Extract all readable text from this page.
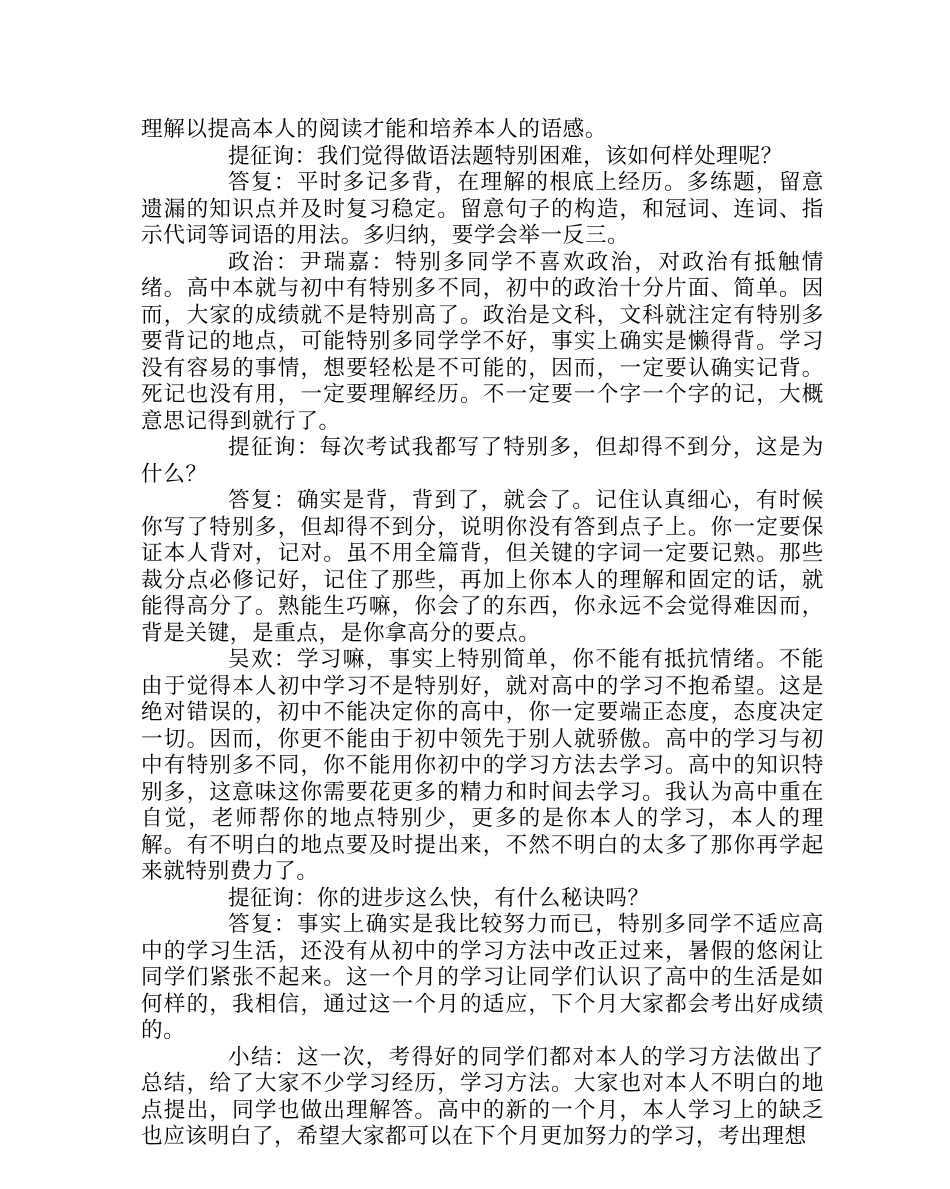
理解以提高本人的阅读才能和培养本人的语感。

提征询：我们觉得做语法题特别困难，该如何样处理呢？

答复：平时多记多背，在理解的根底上经历。多练题，留意遗漏的知识点并及时复习稳定。留意句子的构造，和冠词、连词、指示代词等词语的用法。多归纳，要学会举一反三。

政治：尹瑞嘉：特别多同学不喜欢政治，对政治有抵触情绪。高中本就与初中有特别多不同，初中的政治十分片面、简单。因而，大家的成绩就不是特别高了。政治是文科，文科就注定有特别多要背记的地点，可能特别多同学学不好，事实上确实是懒得背。学习没有容易的事情，想要轻松是不可能的，因而，一定要认确实记背。死记也没有用，一定要理解经历。不一定要一个字一个字的记，大概意思记得到就行了。

提征询：每次考试我都写了特别多，但却得不到分，这是为什么？

答复：确实是背，背到了，就会了。记住认真细心，有时候你写了特别多，但却得不到分，说明你没有答到点子上。你一定要保证本人背对，记对。虽不用全篇背，但关键的字词一定要记熟。那些裁分点必修记好，记住了那些，再加上你本人的理解和固定的话，就能得高分了。熟能生巧嘛，你会了的东西，你永远不会觉得难因而，背是关键，是重点，是你拿高分的要点。

吴欢：学习嘛，事实上特别简单，你不能有抵抗情绪。不能由于觉得本人初中学习不是特别好，就对高中的学习不抱希望。这是绝对错误的，初中不能决定你的高中，你一定要端正态度，态度决定一切。因而，你更不能由于初中领先于别人就骄傲。高中的学习与初中有特别多不同，你不能用你初中的学习方法去学习。高中的知识特别多，这意味这你需要花更多的精力和时间去学习。我认为高中重在自觉，老师帮你的地点特别少，更多的是你本人的学习，本人的理解。有不明白的地点要及时提出来，不然不明白的太多了那你再学起来就特别费力了。

提征询：你的进步这么快，有什么秘诀吗？

答复：事实上确实是我比较努力而已，特别多同学不适应高中的学习生活，还没有从初中的学习方法中改正过来，暑假的悠闲让同学们紧张不起来。这一个月的学习让同学们认识了高中的生活是如何样的，我相信，通过这一个月的适应，下个月大家都会考出好成绩的。

小结：这一次，考得好的同学们都对本人的学习方法做出了总结，给了大家不少学习经历，学习方法。大家也对本人不明白的地点提出，同学也做出理解答。高中的新的一个月，本人学习上的缺乏也应该明白了，希望大家都可以在下个月更加努力的学习，考出理想
